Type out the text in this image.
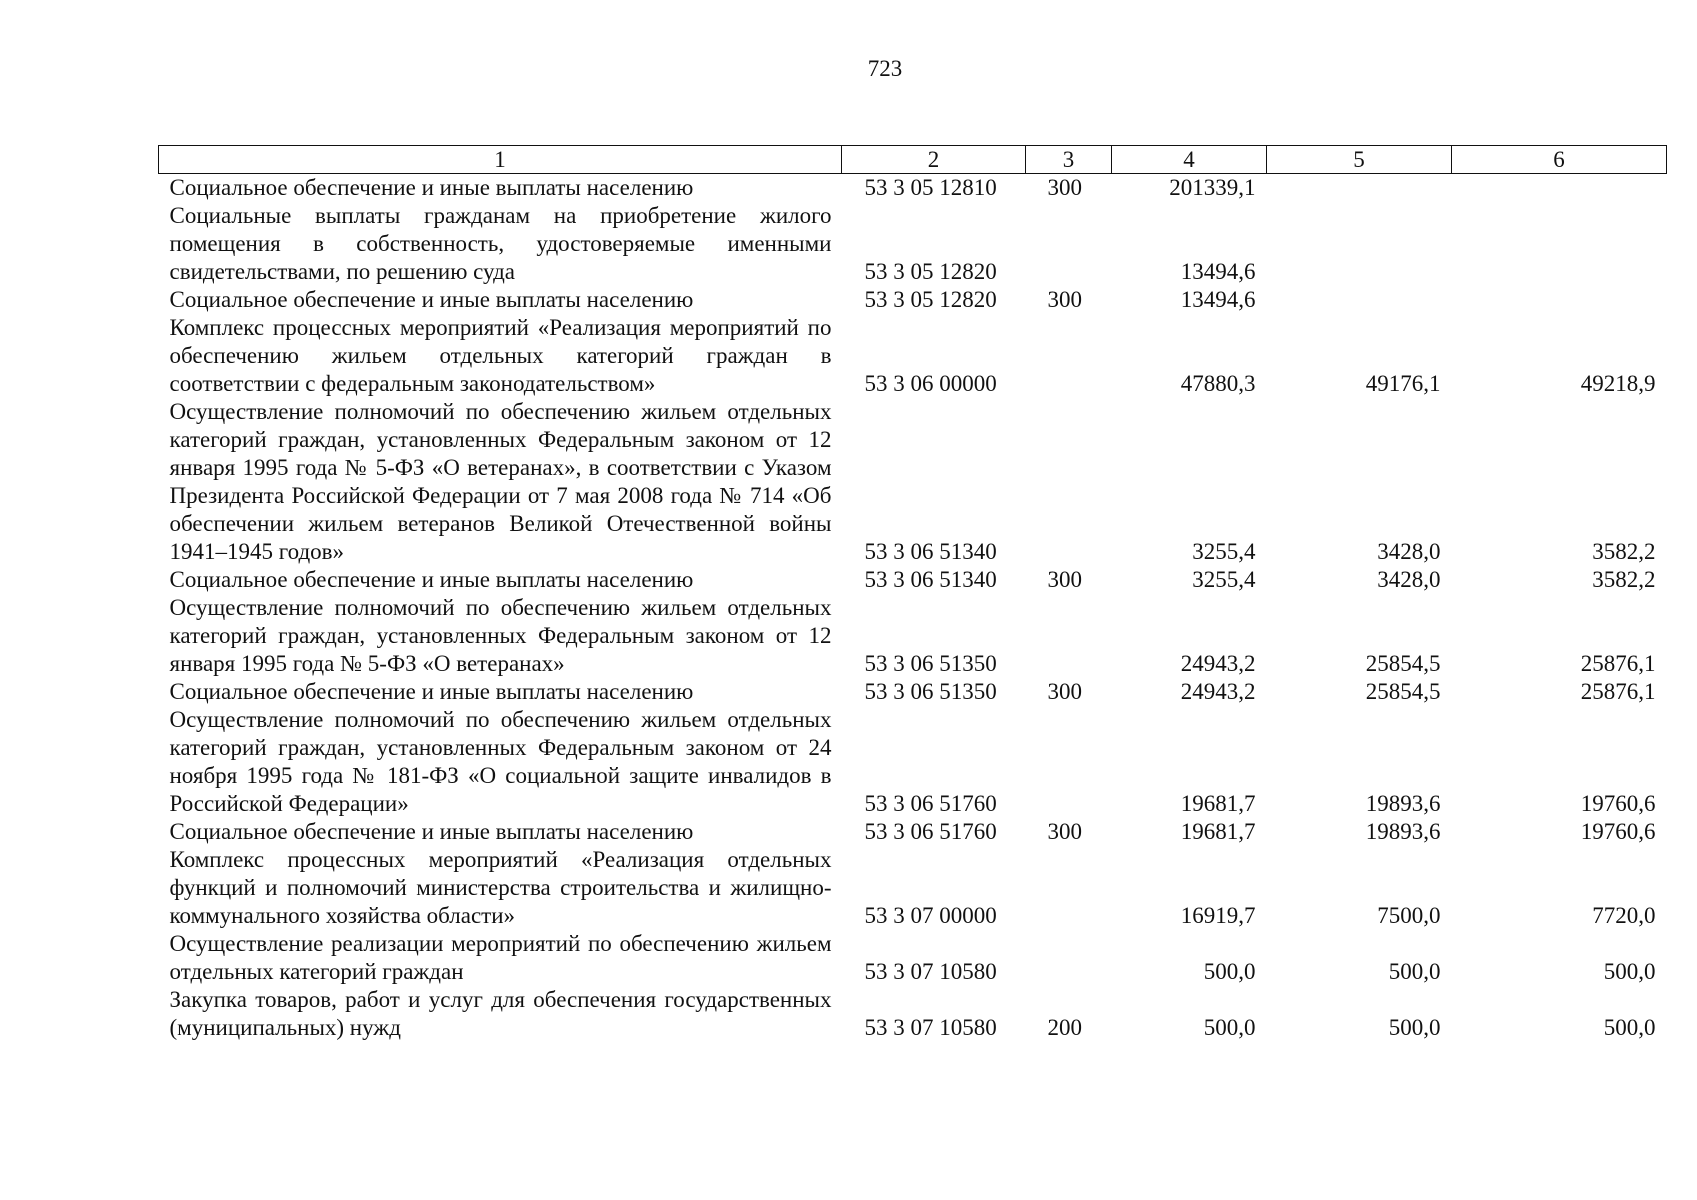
723
1	2	3	4	5	6
Социальное обеспечение и иные выплаты населению	53 3 05 12810	300	201339,1		
Социальные выплаты гражданам на приобретение жилого помещения в собственность, удостоверяемые именными свидетельствами, по решению суда	53 3 05 12820		13494,6		
Социальное обеспечение и иные выплаты населению	53 3 05 12820	300	13494,6		
Комплекс процессных мероприятий «Реализация мероприятий по обеспечению жильем отдельных категорий граждан в соответствии с федеральным законодательством»	53 3 06 00000		47880,3	49176,1	49218,9
Осуществление полномочий по обеспечению жильем отдельных категорий граждан, установленных Федеральным законом от 12 января 1995 года № 5-ФЗ «О ветеранах», в соответствии с Указом Президента Российской Федерации от 7 мая 2008 года № 714 «Об обеспечении жильем ветеранов Великой Отечественной войны 1941–1945 годов»	53 3 06 51340		3255,4	3428,0	3582,2
Социальное обеспечение и иные выплаты населению	53 3 06 51340	300	3255,4	3428,0	3582,2
Осуществление полномочий по обеспечению жильем отдельных категорий граждан, установленных Федеральным законом от 12 января 1995 года № 5-ФЗ «О ветеранах»	53 3 06 51350		24943,2	25854,5	25876,1
Социальное обеспечение и иные выплаты населению	53 3 06 51350	300	24943,2	25854,5	25876,1
Осуществление полномочий по обеспечению жильем отдельных категорий граждан, установленных Федеральным законом от 24 ноября 1995 года № 181-ФЗ «О социальной защите инвалидов в Российской Федерации»	53 3 06 51760		19681,7	19893,6	19760,6
Социальное обеспечение и иные выплаты населению	53 3 06 51760	300	19681,7	19893,6	19760,6
Комплекс процессных мероприятий «Реализация отдельных функций и полномочий министерства строительства и жилищно-коммунального хозяйства области»	53 3 07 00000		16919,7	7500,0	7720,0
Осуществление реализации мероприятий по обеспечению жильем отдельных категорий граждан	53 3 07 10580		500,0	500,0	500,0
Закупка товаров, работ и услуг для обеспечения государственных (муниципальных) нужд	53 3 07 10580	200	500,0	500,0	500,0
